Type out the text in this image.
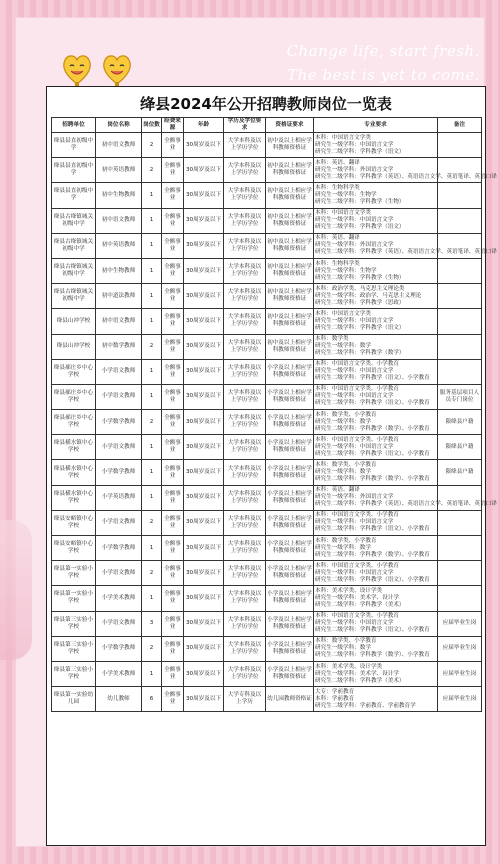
Change life, start fresh.
The best is yet to come.
绛县2024年公开招聘教师岗位一览表
招聘单位	岗位名称	岗位数	经费来源	年龄	学历及学位要求	资格证要求	专业要求	备注
绛县县直初级中学	初中语文教师	2	全额事业	30周岁及以下	大学本科及以上学历学位	初中及以上相应学科教师资格证	本科：中国语言文学类
研究生一级学科：中国语言文学
研究生二级学科：学科教学（语文）	

绛县县直初级中学	初中英语教师	2	全额事业	30周岁及以下	大学本科及以上学历学位	初中及以上相应学科教师资格证	本科：英语、翻译
研究生一级学科：外国语言文学
研究生二级学科：学科教学（英语）、英语语言文学、英语笔译、英语口译	

绛县县直初级中学	初中生物教师	1	全额事业	30周岁及以下	大学本科及以上学历学位	初中及以上相应学科教师资格证	本科：生物科学类
研究生一级学科：生物学
研究生二级学科：学科教学（生物）	

绛县古绛镇城关初级中学	初中语文教师	1	全额事业	30周岁及以下	大学本科及以上学历学位	初中及以上相应学科教师资格证	本科：中国语言文学类
研究生一级学科：中国语言文学
研究生二级学科：学科教学（语文）	

绛县古绛镇城关初级中学	初中英语教师	1	全额事业	30周岁及以下	大学本科及以上学历学位	初中及以上相应学科教师资格证	本科：英语、翻译
研究生一级学科：外国语言文学
研究生二级学科：学科教学（英语）、英语语言文学、英语笔译、英语口译	

绛县古绛镇城关初级中学	初中生物教师	1	全额事业	30周岁及以下	大学本科及以上学历学位	初中及以上相应学科教师资格证	本科：生物科学类
研究生一级学科：生物学
研究生二级学科：学科教学（生物）	

绛县古绛镇城关初级中学	初中道法教师	1	全额事业	30周岁及以下	大学本科及以上学历学位	初中及以上相应学科教师资格证	本科：政治学类、马克思主义理论类
研究生一级学科：政治学、马克思主义理论
研究生二级学科：学科教学（思政）	

绛县山冲学校	初中语文教师	1	全额事业	30周岁及以下	大学本科及以上学历学位	初中及以上相应学科教师资格证	本科：中国语言文学类
研究生一级学科：中国语言文学
研究生二级学科：学科教学（语文）	

绛县山冲学校	初中数学教师	2	全额事业	30周岁及以下	大学本科及以上学历学位	初中及以上相应学科教师资格证	本科：数学类
研究生一级学科：数学
研究生二级学科：学科教学（数学）	

绛县郝庄乡中心学校	小学语文教师	1	全额事业	30周岁及以下	大学本科及以上学历学位	小学及以上相应学科教师资格证	本科：中国语言文学类、小学教育
研究生一级学科：中国语言文学
研究生二级学科：学科教学（语文）、小学教育	

绛县郝庄乡中心学校	小学语文教师	1	全额事业	30周岁及以下	大学本科及以上学历学位	小学及以上相应学科教师资格证	本科：中国语言文学类、小学教育
研究生一级学科：中国语言文学
研究生二级学科：学科教学（语文）、小学教育	服务基层项目人员专门岗位
绛县郝庄乡中心学校	小学数学教师	2	全额事业	30周岁及以下	大学本科及以上学历学位	小学及以上相应学科教师资格证	本科：数学类、小学教育
研究生一级学科：数学
研究生二级学科：学科教学（数学）、小学教育	限绛县户籍
绛县横水镇中心学校	小学语文教师	1	全额事业	30周岁及以下	大学本科及以上学历学位	小学及以上相应学科教师资格证	本科：中国语言文学类、小学教育
研究生一级学科：中国语言文学
研究生二级学科：学科教学（语文）、小学教育	限绛县户籍
绛县横水镇中心学校	小学数学教师	1	全额事业	30周岁及以下	大学本科及以上学历学位	小学及以上相应学科教师资格证	本科：数学类、小学教育
研究生一级学科：数学
研究生二级学科：学科教学（数学）、小学教育	限绛县户籍
绛县横水镇中心学校	小学英语教师	1	全额事业	30周岁及以下	大学本科及以上学历学位	小学及以上相应学科教师资格证	本科：英语、翻译
研究生一级学科：外国语言文学
研究生二级学科：学科教学（英语）、英语语言文学、英语笔译、英语口译	

绛县安峪镇中心学校	小学语文教师	2	全额事业	30周岁及以下	大学本科及以上学历学位	小学及以上相应学科教师资格证	本科：中国语言文学类、小学教育
研究生一级学科：中国语言文学
研究生二级学科：学科教学（语文）、小学教育	

绛县安峪镇中心学校	小学数学教师	1	全额事业	30周岁及以下	大学本科及以上学历学位	小学及以上相应学科教师资格证	本科：数学类、小学教育
研究生一级学科：数学
研究生二级学科：学科教学（数学）、小学教育	

绛县第一实验小学校	小学语文教师	2	全额事业	30周岁及以下	大学本科及以上学历学位	小学及以上相应学科教师资格证	本科：中国语言文学类、小学教育
研究生一级学科：中国语言文学
研究生二级学科：学科教学（语文）、小学教育	

绛县第一实验小学校	小学美术教师	1	全额事业	30周岁及以下	大学本科及以上学历学位	小学及以上相应学科教师资格证	本科：美术学类、设计学类
研究生一级学科：美术学、设计学
研究生二级学科：学科教学（美术）	

绛县第三实验小学校	小学语文教师	3	全额事业	30周岁及以下	大学本科及以上学历学位	小学及以上相应学科教师资格证	本科：中国语言文学类、小学教育
研究生一级学科：中国语言文学
研究生二级学科：学科教学（语文）、小学教育	应届毕业生岗
绛县第三实验小学校	小学数学教师	2	全额事业	30周岁及以下	大学本科及以上学历学位	小学及以上相应学科教师资格证	本科：数学类、小学教育
研究生一级学科：数学
研究生二级学科：学科教学（数学）、小学教育	应届毕业生岗
绛县第三实验小学校	小学美术教师	1	全额事业	30周岁及以下	大学本科及以上学历学位	小学及以上相应学科教师资格证	本科：美术学类、设计学类
研究生一级学科：美术学、设计学
研究生二级学科：学科教学（美术）	应届毕业生岗
绛县第一实验幼儿园	幼儿教师	6	全额事业	30周岁及以下	大学专科及以上学历	幼儿园教师资格证	大专：学前教育
本科：学前教育
研究生二级学科：学前教育、学前教育学	应届毕业生岗
